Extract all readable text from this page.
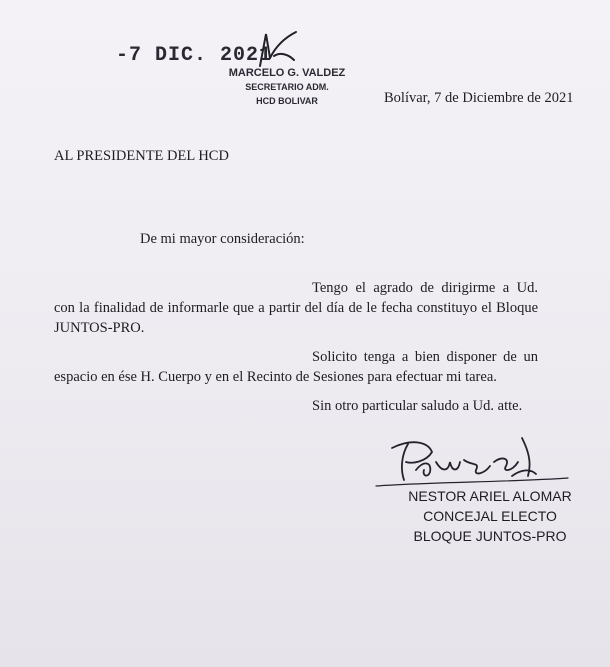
-7 DIC. 2021
MARCELO G. VALDEZ
SECRETARIO ADM.
HCD BOLIVAR	Bolívar, 7 de Diciembre de 2021
AL PRESIDENTE DEL HCD
De mi mayor consideración:

Tengo el agrado de dirigirme a Ud. con la finalidad de informarle que a partir del día de le fecha constituyo el Bloque JUNTOS-PRO.

Solicito tenga a bien disponer de un espacio en ése H. Cuerpo y en el Recinto de Sesiones para efectuar mi tarea.

Sin otro particular saludo a Ud. atte.

NESTOR ARIEL ALOMAR
CONCEJAL ELECTO
BLOQUE JUNTOS-PRO
